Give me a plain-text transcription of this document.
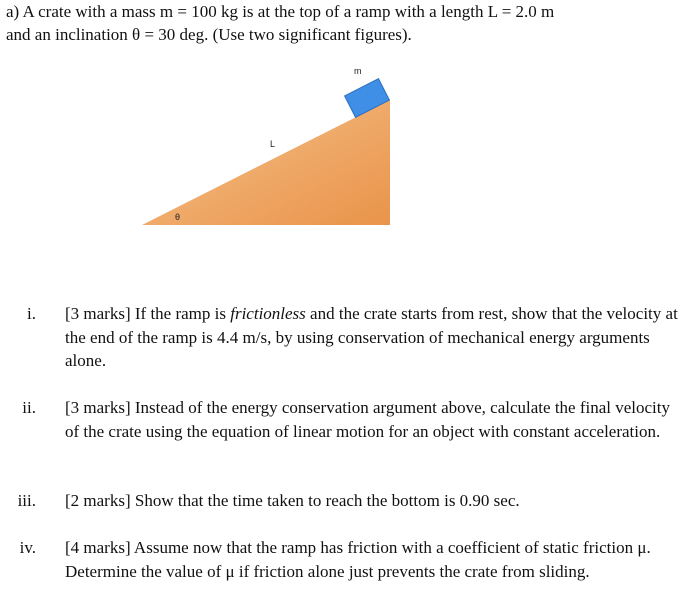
a) A crate with a mass m = 100 kg is at the top of a ramp with a length L = 2.0 m
and an inclination θ = 30 deg. (Use two significant figures).
m
L
θ
i. [3 marks] If the ramp is frictionless and the crate starts from rest, show that the velocity at the end of the ramp is 4.4 m/s, by using conservation of mechanical energy arguments alone.
ii. [3 marks] Instead of the energy conservation argument above, calculate the final velocity of the crate using the equation of linear motion for an object with constant acceleration.
iii. [2 marks] Show that the time taken to reach the bottom is 0.90 sec.
iv. [4 marks] Assume now that the ramp has friction with a coefficient of static friction μ. Determine the value of μ if friction alone just prevents the crate from sliding.
